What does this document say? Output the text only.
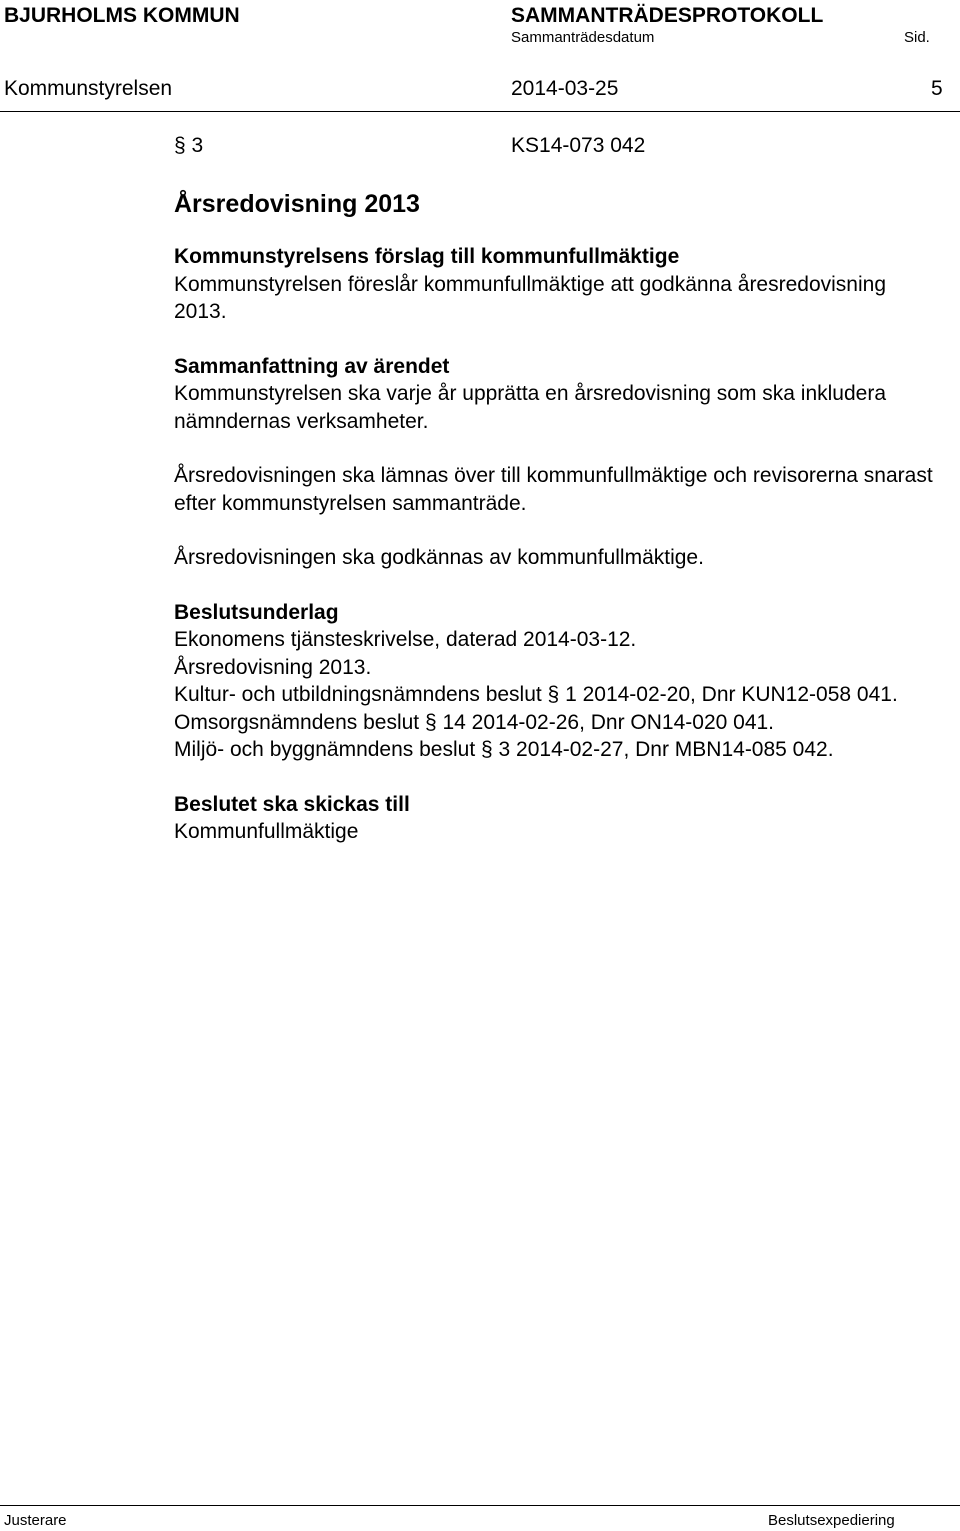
BJURHOLMS KOMMUN	SAMMANTRÄDESPROTOKOLL
Sammanträdesdatum	Sid.
Kommunstyrelsen	2014-03-25	5
§ 3	KS14-073 042
Årsredovisning 2013
Kommunstyrelsens förslag till kommunfullmäktige

Kommunstyrelsen föreslår kommunfullmäktige att godkänna åresredovisning 2013.

Sammanfattning av ärendet

Kommunstyrelsen ska varje år upprätta en årsredovisning som ska inkludera nämndernas verksamheter.

Årsredovisningen ska lämnas över till kommunfullmäktige och revisorerna snarast efter kommunstyrelsen sammanträde.

Årsredovisningen ska godkännas av kommunfullmäktige.

Beslutsunderlag

Ekonomens tjänsteskrivelse, daterad 2014-03-12.

Årsredovisning 2013.

Kultur- och utbildningsnämndens beslut § 1 2014-02-20, Dnr KUN12-058 041.

Omsorgsnämndens beslut § 14 2014-02-26, Dnr ON14-020 041.

Miljö- och byggnämndens beslut § 3 2014-02-27, Dnr MBN14-085 042.

Beslutet ska skickas till

Kommunfullmäktige

Justerare	Beslutsexpediering
